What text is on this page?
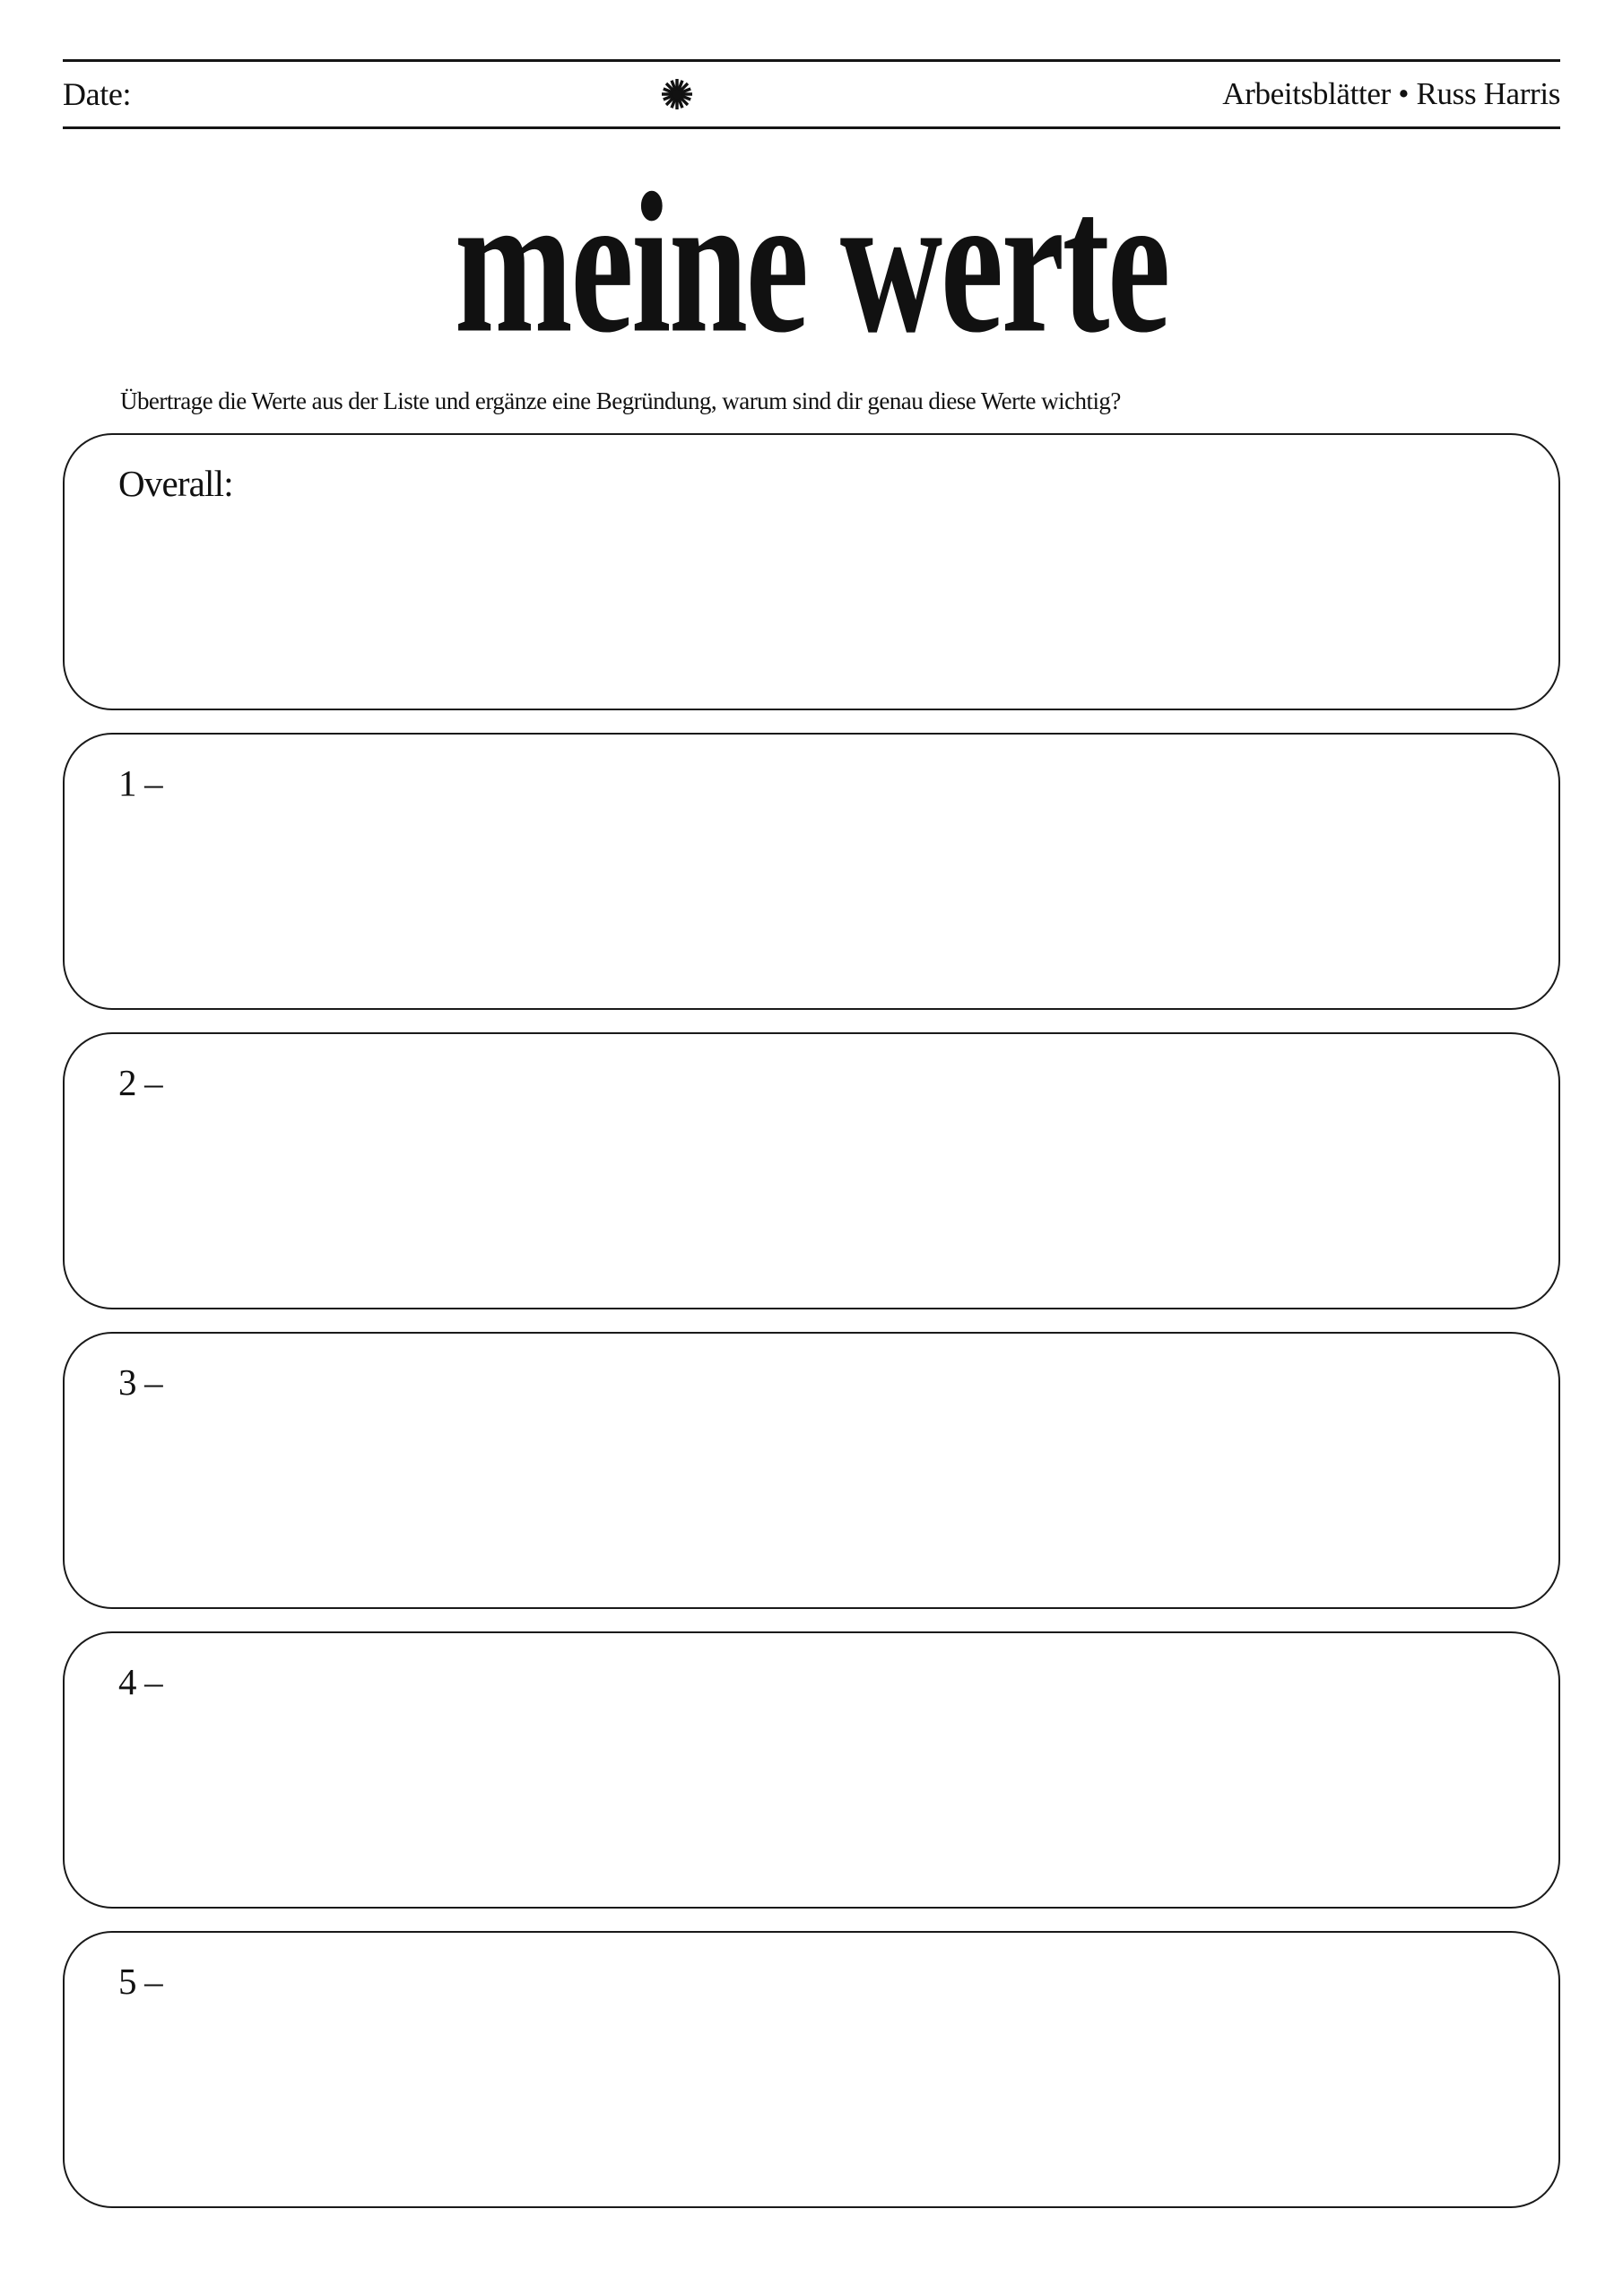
Date:	Arbeitsblätter • Russ Harris
meine werte

Übertrage die Werte aus der Liste und ergänze eine Begründung, warum sind dir genau diese Werte wichtig?

Overall:
1 –
2 –
3 –
4 –
5 –
